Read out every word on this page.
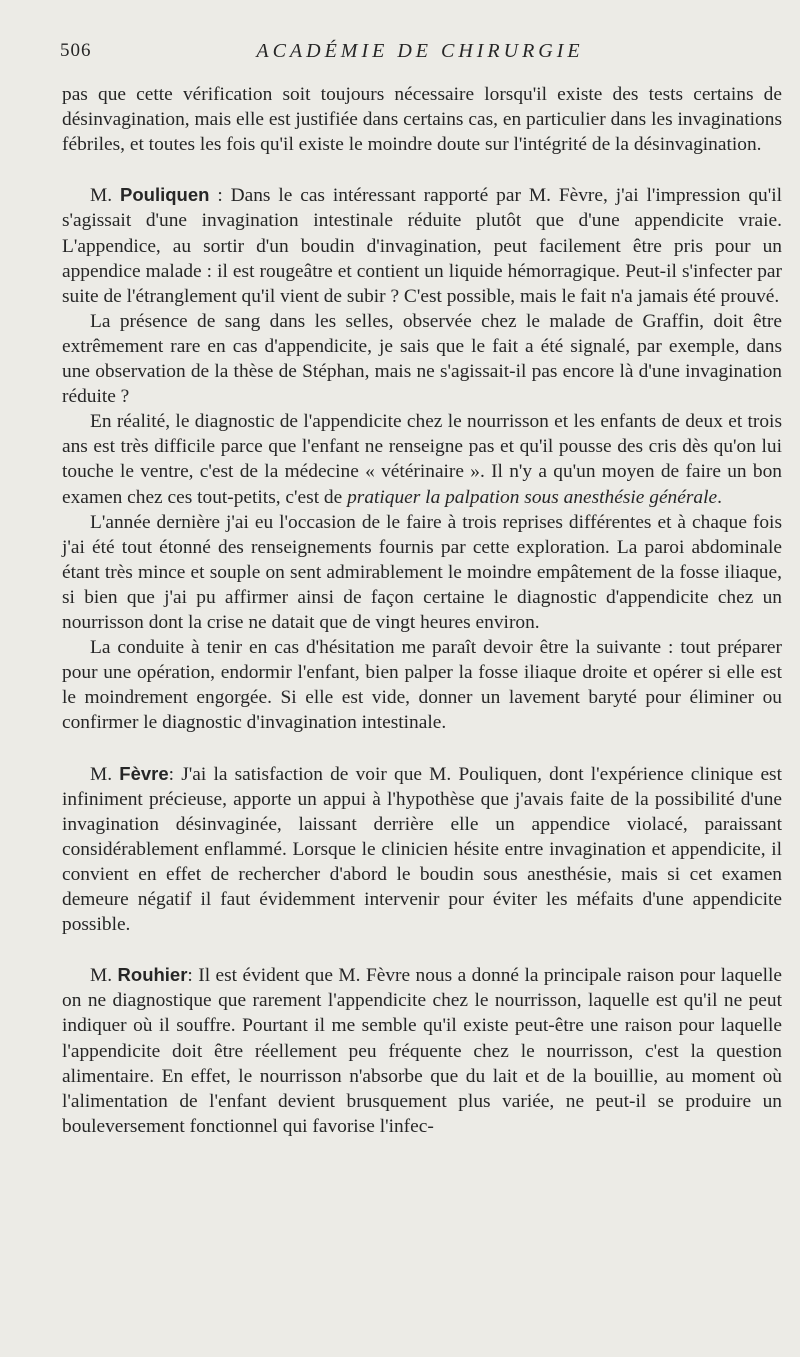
506	ACADÉMIE DE CHIRURGIE

pas que cette vérification soit toujours nécessaire lorsqu'il existe des tests certains de désinvagination, mais elle est justifiée dans certains cas, en particulier dans les invaginations fébriles, et toutes les fois qu'il existe le moindre doute sur l'intégrité de la désinvagination.

M. Pouliquen : Dans le cas intéressant rapporté par M. Fèvre, j'ai l'impression qu'il s'agissait d'une invagination intestinale réduite plutôt que d'une appendicite vraie. L'appendice, au sortir d'un boudin d'invagination, peut facilement être pris pour un appendice malade : il est rougeâtre et contient un liquide hémorragique. Peut-il s'infecter par suite de l'étranglement qu'il vient de subir ? C'est possible, mais le fait n'a jamais été prouvé.

La présence de sang dans les selles, observée chez le malade de Graffin, doit être extrêmement rare en cas d'appendicite, je sais que le fait a été signalé, par exemple, dans une observation de la thèse de Stéphan, mais ne s'agissait-il pas encore là d'une invagination réduite ?

En réalité, le diagnostic de l'appendicite chez le nourrisson et les enfants de deux et trois ans est très difficile parce que l'enfant ne renseigne pas et qu'il pousse des cris dès qu'on lui touche le ventre, c'est de la médecine « vétérinaire ». Il n'y a qu'un moyen de faire un bon examen chez ces tout-petits, c'est de pratiquer la palpation sous anesthésie générale.

L'année dernière j'ai eu l'occasion de le faire à trois reprises différentes et à chaque fois j'ai été tout étonné des renseignements fournis par cette exploration. La paroi abdominale étant très mince et souple on sent admirablement le moindre empâtement de la fosse iliaque, si bien que j'ai pu affirmer ainsi de façon certaine le diagnostic d'appendicite chez un nourrisson dont la crise ne datait que de vingt heures environ.

La conduite à tenir en cas d'hésitation me paraît devoir être la suivante : tout préparer pour une opération, endormir l'enfant, bien palper la fosse iliaque droite et opérer si elle est le moindrement engorgée. Si elle est vide, donner un lavement baryté pour éliminer ou confirmer le diagnostic d'invagination intestinale.

M. Fèvre: J'ai la satisfaction de voir que M. Pouliquen, dont l'expérience clinique est infiniment précieuse, apporte un appui à l'hypothèse que j'avais faite de la possibilité d'une invagination désinvaginée, laissant derrière elle un appendice violacé, paraissant considérablement enflammé. Lorsque le clinicien hésite entre invagination et appendicite, il convient en effet de rechercher d'abord le boudin sous anesthésie, mais si cet examen demeure négatif il faut évidemment intervenir pour éviter les méfaits d'une appendicite possible.

M. Rouhier: Il est évident que M. Fèvre nous a donné la principale raison pour laquelle on ne diagnostique que rarement l'appendicite chez le nourrisson, laquelle est qu'il ne peut indiquer où il souffre. Pourtant il me semble qu'il existe peut-être une raison pour laquelle l'appendicite doit être réellement peu fréquente chez le nourrisson, c'est la question alimentaire. En effet, le nourrisson n'absorbe que du lait et de la bouillie, au moment où l'alimentation de l'enfant devient brusquement plus variée, ne peut-il se produire un bouleversement fonctionnel qui favorise l'infec-
